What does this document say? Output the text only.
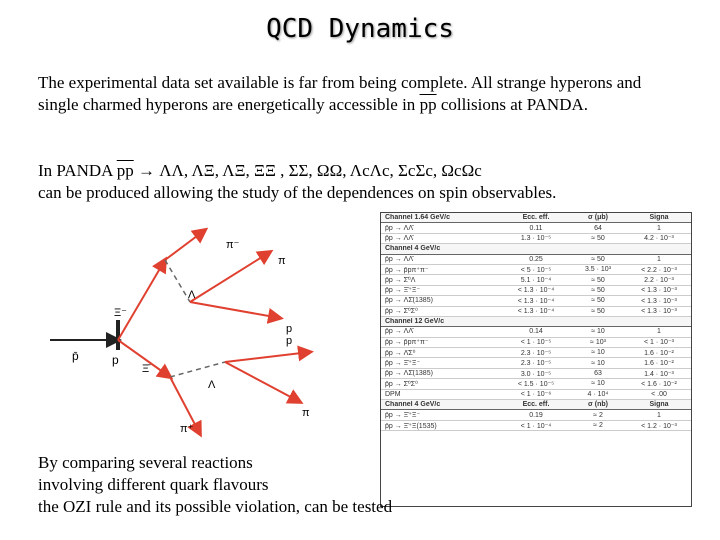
QCD Dynamics
The experimental data set available is far from being complete. All strange hyperons and single charmed hyperons are energetically accessible in $\overline{pp}$ collisions at PANDA.
In PANDA $\overline{pp} \to \Lambda\Lambda$, ΛΞ, ΛΞ, ΞΞ , ΣΣ, ΩΩ, ΛcΛc, ΣcΣc, ΩcΩc
can be produced allowing the study of the dependences on spin observables.
π⁻
π
Λ
Ξ⁻
p
p̄	p
Ξ̄
Λ
p
π
π⁺
Channel 1.64 GeV/c	Ecc. eff.	σ (μb)	Signa
p̄p → ΛΛ̄	0.11	64	1
p̄p → ΛΛ̄	1.3 · 10⁻⁵	≈ 50	4.2 · 10⁻³
Channel 4 GeV/c
p̄p → ΛΛ̄	0.25	≈ 50	1
p̄p → p̄pπ⁺π⁻	< 5 · 10⁻⁵	3.5 · 10³	< 2.2 · 10⁻³
p̄p → Σ̄⁰Λ	5.1 · 10⁻⁴	≈ 50	2.2 · 10⁻³
p̄p → Ξ̄⁺Ξ⁻	< 1.3 · 10⁻⁴	≈ 50	< 1.3 · 10⁻³
p̄p → ΛΣ̄(1385)	< 1.3 · 10⁻⁴	≈ 50	< 1.3 · 10⁻³
p̄p → Σ̄⁰Σ⁰	< 1.3 · 10⁻⁴	≈ 50	< 1.3 · 10⁻³
Channel 12 GeV/c
p̄p → ΛΛ̄	0.14	≈ 10	1
p̄p → p̄pπ⁺π⁻	< 1 · 10⁻⁵	≈ 10³	< 1 · 10⁻³
p̄p → Λ̄Σ⁰	2.3 · 10⁻⁵	≈ 10	1.6 · 10⁻²
p̄p → Ξ̄⁺Ξ⁻	2.3 · 10⁻⁵	≈ 10	1.6 · 10⁻²
p̄p → ΛΣ̄(1385)	3.0 · 10⁻⁵	63	1.4 · 10⁻³
p̄p → Σ̄⁰Σ⁰	< 1.5 · 10⁻⁵	≈ 10	< 1.6 · 10⁻²
DPM	< 1 · 10⁻⁶	4 · 10⁴	< .00
Channel 4 GeV/c	Ecc. eff.	σ (nb)	Signa
p̄p → Ξ̄⁺Ξ⁻	0.19	≈ 2	1
p̄p → Ξ̄⁺Ξ(1535)	< 1 · 10⁻⁴	≈ 2	< 1.2 · 10⁻³
By comparing several reactions
involving different quark flavours
the OZI rule and its possible violation, can be tested
